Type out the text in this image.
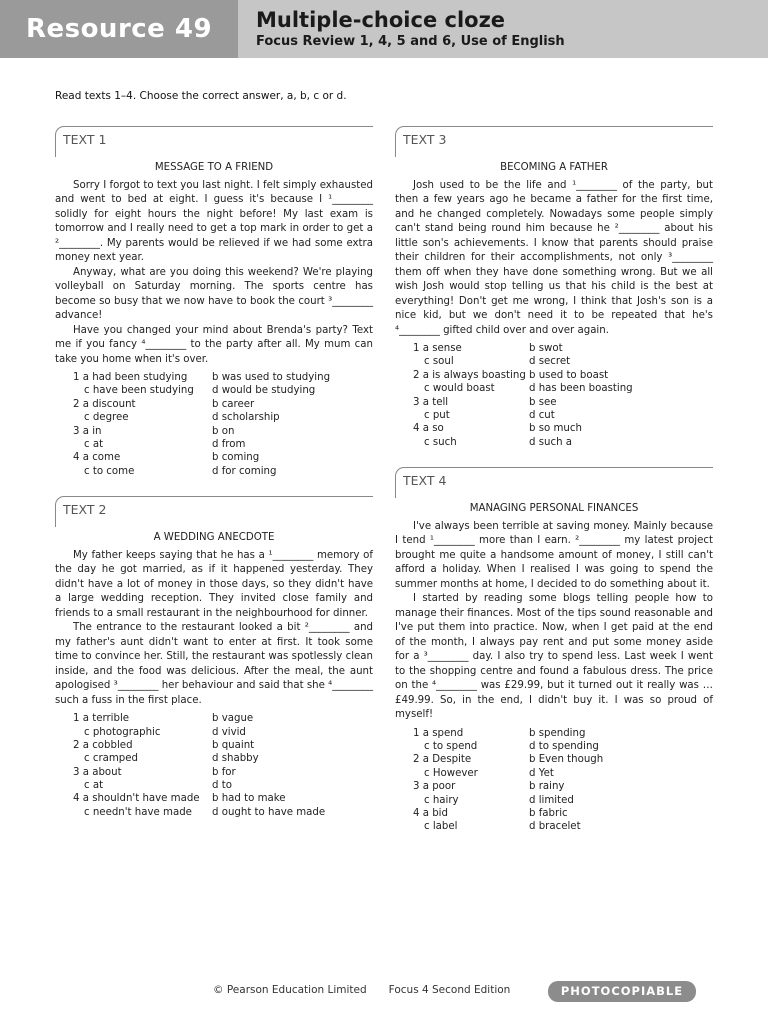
Resource 49	Multiple-choice cloze
Focus Review 1, 4, 5 and 6, Use of English
Read texts 1–4. Choose the correct answer, a, b, c or d.
TEXT 1
MESSAGE TO A FRIEND

Sorry I forgot to text you last night. I felt simply exhausted and went to bed at eight. I guess it's because I ¹________ solidly for eight hours the night before! My last exam is tomorrow and I really need to get a top mark in order to get a ²________. My parents would be relieved if we had some extra money next year.

Anyway, what are you doing this weekend? We're playing volleyball on Saturday morning. The sports centre has become so busy that we now have to book the court ³________ advance!

Have you changed your mind about Brenda's party? Text me if you fancy ⁴________ to the party after all. My mum can take you home when it's over.

1 a had been studying	b was used to studying
c have been studying	d would be studying
2 a discount	b career
c degree	d scholarship
3 a in	b on
c at	d from
4 a come	b coming
c to come	d for coming
TEXT 2
A WEDDING ANECDOTE

My father keeps saying that he has a ¹________ memory of the day he got married, as if it happened yesterday. They didn't have a lot of money in those days, so they didn't have a large wedding reception. They invited close family and friends to a small restaurant in the neighbourhood for dinner.

The entrance to the restaurant looked a bit ²________ and my father's aunt didn't want to enter at first. It took some time to convince her. Still, the restaurant was spotlessly clean inside, and the food was delicious. After the meal, the aunt apologised ³________ her behaviour and said that she ⁴________ such a fuss in the first place.

1 a terrible	b vague
c photographic	d vivid
2 a cobbled	b quaint
c cramped	d shabby
3 a about	b for
c at	d to
4 a shouldn't have made	b had to make
c needn't have made	d ought to have made
TEXT 3
BECOMING A FATHER

Josh used to be the life and ¹________ of the party, but then a few years ago he became a father for the first time, and he changed completely. Nowadays some people simply can't stand being round him because he ²________ about his little son's achievements. I know that parents should praise their children for their accomplishments, not only ³________ them off when they have done something wrong. But we all wish Josh would stop telling us that his child is the best at everything! Don't get me wrong, I think that Josh's son is a nice kid, but we don't need it to be repeated that he's ⁴________ gifted child over and over again.

1 a sense	b swot
c soul	d secret
2 a is always boasting b used to boast
c would boast	d has been boasting
3 a tell	b see
c put	d cut
4 a so	b so much
c such	d such a
TEXT 4
MANAGING PERSONAL FINANCES

I've always been terrible at saving money. Mainly because I tend ¹________ more than I earn. ²________ my latest project brought me quite a handsome amount of money, I still can't afford a holiday. When I realised I was going to spend the summer months at home, I decided to do something about it.

I started by reading some blogs telling people how to manage their finances. Most of the tips sound reasonable and I've put them into practice. Now, when I get paid at the end of the month, I always pay rent and put some money aside for a ³________ day. I also try to spend less. Last week I went to the shopping centre and found a fabulous dress. The price on the ⁴________ was £29.99, but it turned out it really was … £49.99. So, in the end, I didn't buy it. I was so proud of myself!

1 a spend	b spending
c to spend	d to spending
2 a Despite	b Even though
c However	d Yet
3 a poor	b rainy
c hairy	d limited
4 a bid	b fabric
c label	d bracelet
© Pearson Education Limited Focus 4 Second Edition	PHOTOCOPIABLE
